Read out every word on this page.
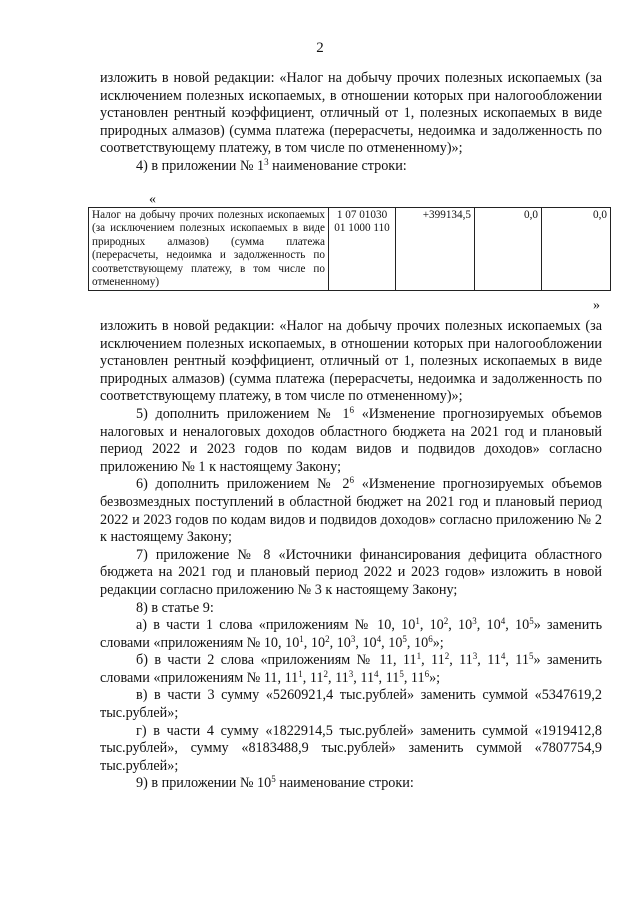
2

изложить в новой редакции: «Налог на добычу прочих полезных ископаемых (за исключением полезных ископаемых, в отношении которых при налогообложении установлен рентный коэффициент, отличный от 1, полезных ископаемых в виде природных алмазов) (сумма платежа (перерасчеты, недоимка и задолженность по соответствующему платежу, в том числе по отмененному)»;

4) в приложении № $1^3$ наименование строки:

«
Налог на добычу прочих полезных ископаемых (за исключением полезных ископаемых в виде природных алмазов) (сумма платежа (перерасчеты, недоимка и задолженность по соответствующему платежу, в том числе по отмененному)	1 07 01030 01 1000 110	+399134,5	0,0	0,0
»

изложить в новой редакции: «Налог на добычу прочих полезных ископаемых (за исключением полезных ископаемых, в отношении которых при налогообложении установлен рентный коэффициент, отличный от 1, полезных ископаемых в виде природных алмазов) (сумма платежа (перерасчеты, недоимка и задолженность по соответствующему платежу, в том числе по отмененному)»;

5) дополнить приложением № $1^6$ «Изменение прогнозируемых объемов налоговых и неналоговых доходов областного бюджета на 2021 год и плановый период 2022 и 2023 годов по кодам видов и подвидов доходов» согласно приложению № 1 к настоящему Закону;

6) дополнить приложением № $2^6$ «Изменение прогнозируемых объемов безвозмездных поступлений в областной бюджет на 2021 год и плановый период 2022 и 2023 годов по кодам видов и подвидов доходов» согласно приложению № 2 к настоящему Закону;

7) приложение № 8 «Источники финансирования дефицита областного бюджета на 2021 год и плановый период 2022 и 2023 годов» изложить в новой редакции согласно приложению № 3 к настоящему Закону;

8) в статье 9:

а) в части 1 слова «приложениям № 10, $10^1$, $10^2$, $10^3$, $10^4$, $10^5$» заменить словами «приложениям № 10, $10^1$, $10^2$, $10^3$, $10^4$, $10^5$, $10^6$»;

б) в части 2 слова «приложениям № 11, $11^1$, $11^2$, $11^3$, $11^4$, $11^5$» заменить словами «приложениям № 11, $11^1$, $11^2$, $11^3$, $11^4$, $11^5$, $11^6$»;

в) в части 3 сумму «5260921,4 тыс.рублей» заменить суммой «5347619,2 тыс.рублей»;

г) в части 4 сумму «1822914,5 тыс.рублей» заменить суммой «1919412,8 тыс.рублей», сумму «8183488,9 тыс.рублей» заменить суммой «7807754,9 тыс.рублей»;

9) в приложении № $10^5$ наименование строки:
